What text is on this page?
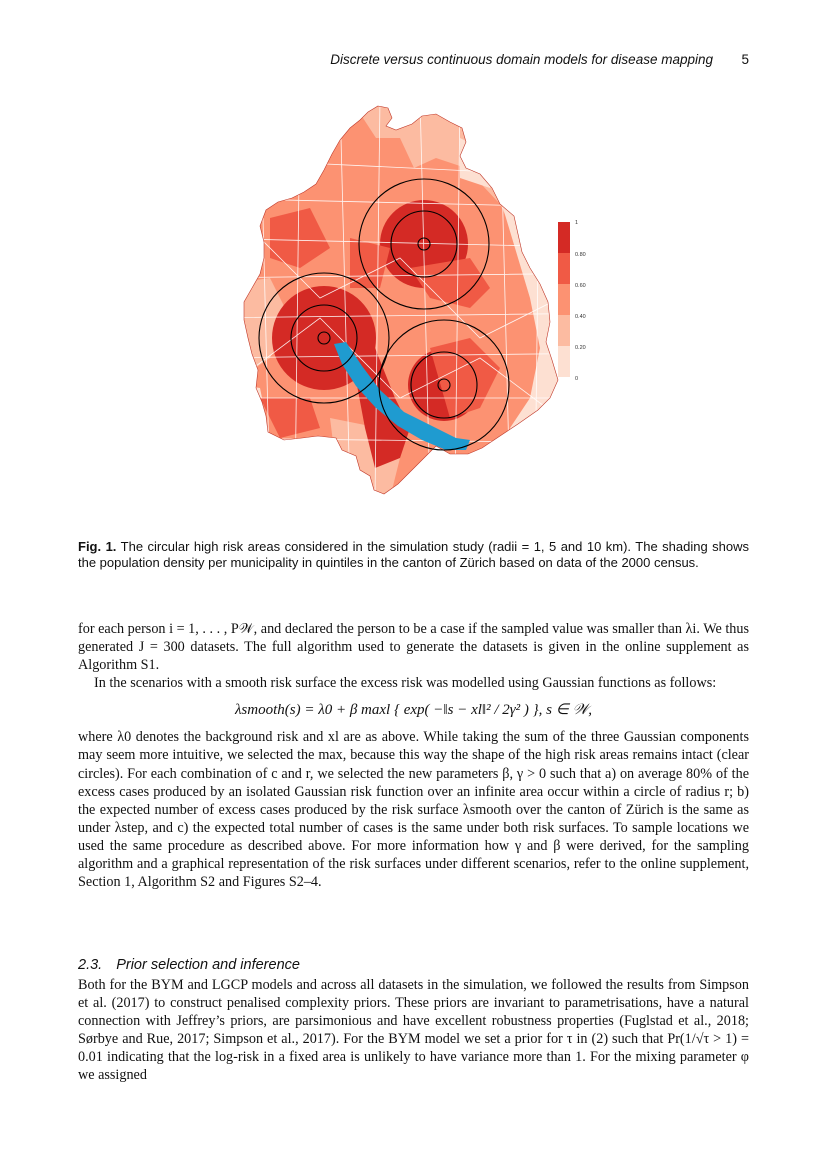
Discrete versus continuous domain models for disease mapping 5
1
0.80
0.60
0.40
0.20
0
Fig. 1. The circular high risk areas considered in the simulation study (radii = 1, 5 and 10 km). The shading shows the population density per municipality in quintiles in the canton of Zürich based on data of the 2000 census.

for each person i = 1, . . . , P𝒲, and declared the person to be a case if the sampled value was smaller than λi. We thus generated J = 300 datasets. The full algorithm used to generate the datasets is given in the online supplement as Algorithm S1.

In the scenarios with a smooth risk surface the excess risk was modelled using Gaussian functions as follows:

λsmooth(s) = λ0 + β maxl { exp( −‖s − xl‖² / 2γ² ) }, s ∈ 𝒲,

where λ0 denotes the background risk and xl are as above. While taking the sum of the three Gaussian components may seem more intuitive, we selected the max, because this way the shape of the high risk areas remains intact (clear circles). For each combination of c and r, we selected the new parameters β, γ > 0 such that a) on average 80% of the excess cases produced by an isolated Gaussian risk function over an infinite area occur within a circle of radius r; b) the expected number of excess cases produced by the risk surface λsmooth over the canton of Zürich is the same as under λstep, and c) the expected total number of cases is the same under both risk surfaces. To sample locations we used the same procedure as described above. For more information how γ and β were derived, for the sampling algorithm and a graphical representation of the risk surfaces under different scenarios, refer to the online supplement, Section 1, Algorithm S2 and Figures S2–4.

2.3. Prior selection and inference

Both for the BYM and LGCP models and across all datasets in the simulation, we followed the results from Simpson et al. (2017) to construct penalised complexity priors. These priors are invariant to parametrisations, have a natural connection with Jeffrey’s priors, are parsimonious and have excellent robustness properties (Fuglstad et al., 2018; Sørbye and Rue, 2017; Simpson et al., 2017). For the BYM model we set a prior for τ in (2) such that Pr(1/√τ > 1) = 0.01 indicating that the log-risk in a fixed area is unlikely to have variance more than 1. For the mixing parameter φ we assigned
